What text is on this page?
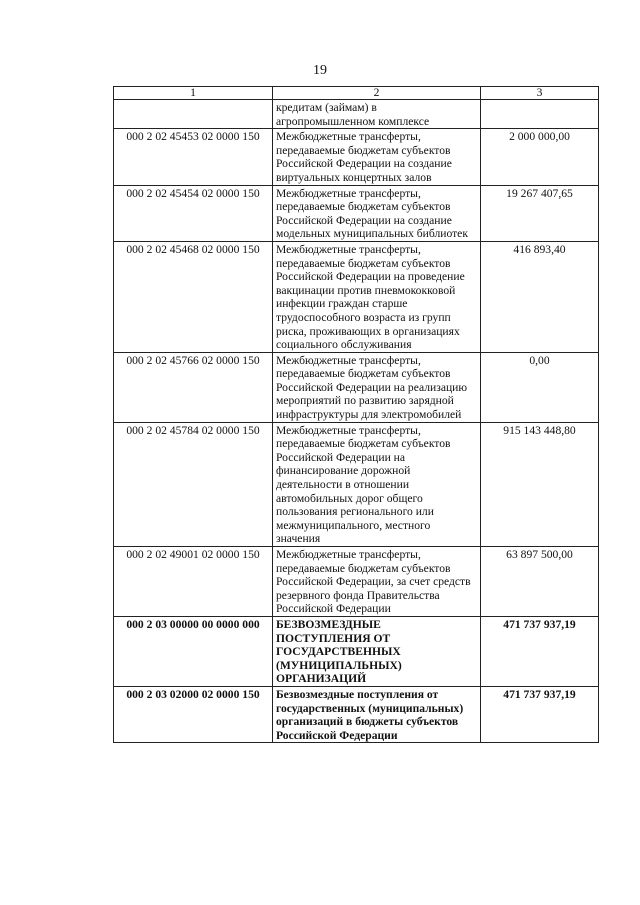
19
1	2	3
	кредитам (займам) в агропромышленном комплексе	
000 2 02 45453 02 0000 150	Межбюджетные трансферты, передаваемые бюджетам субъектов Российской Федерации на создание виртуальных концертных залов	2 000 000,00
000 2 02 45454 02 0000 150	Межбюджетные трансферты, передаваемые бюджетам субъектов Российской Федерации на создание модельных муниципальных библиотек	19 267 407,65
000 2 02 45468 02 0000 150	Межбюджетные трансферты, передаваемые бюджетам субъектов Российской Федерации на проведение вакцинации против пневмококковой инфекции граждан старше трудоспособного возраста из групп риска, проживающих в организациях социального обслуживания	416 893,40
000 2 02 45766 02 0000 150	Межбюджетные трансферты, передаваемые бюджетам субъектов Российской Федерации на реализацию мероприятий по развитию зарядной инфраструктуры для электромобилей	0,00
000 2 02 45784 02 0000 150	Межбюджетные трансферты, передаваемые бюджетам субъектов Российской Федерации на финансирование дорожной деятельности в отношении автомобильных дорог общего пользования регионального или межмуниципального, местного значения	915 143 448,80
000 2 02 49001 02 0000 150	Межбюджетные трансферты, передаваемые бюджетам субъектов Российской Федерации, за счет средств резервного фонда Правительства Российской Федерации	63 897 500,00
000 2 03 00000 00 0000 000	БЕЗВОЗМЕЗДНЫЕ ПОСТУПЛЕНИЯ ОТ ГОСУДАРСТВЕННЫХ (МУНИЦИПАЛЬНЫХ) ОРГАНИЗАЦИЙ	471 737 937,19
000 2 03 02000 02 0000 150	Безвозмездные поступления от государственных (муниципальных) организаций в бюджеты субъектов Российской Федерации	471 737 937,19
